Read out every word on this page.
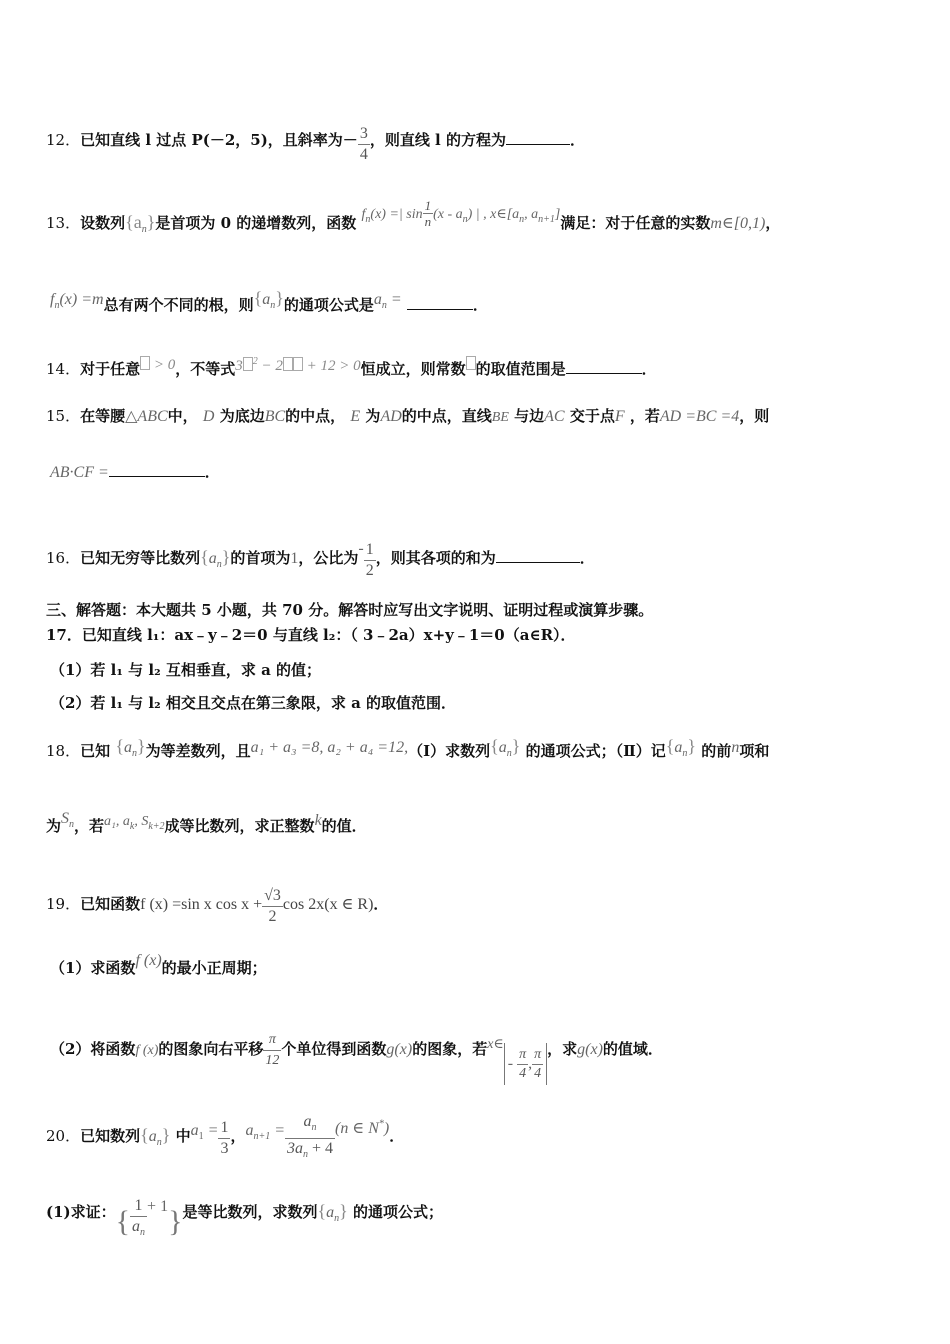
12．已知直线 l 过点 P(－2，5)，且斜率为－ $\frac{3}{4}$ ，则直线 l 的方程为	．
13．设数列$\{a_n\}$是首项为 0 的递增数列，函数 $f_n(x)$ =| $\sin \frac{1}{n} (x - a_n)$ | , $x\in[a_n$, $a_{n+1}$]满足：对于任意的实数m∈[0,1)，
$f_n(x) =m$总有两个不同的根，则$\{a_n\}$的通项公式是$a_n$ =	．
14．对于任意 > 0，不等式3 $^2$ − 2 + 12 > 0恒成立，则常数 的取值范围是	．
15．在等腰△ABC中， D 为底边BC的中点， E 为AD的中点，直线BE 与边AC 交于点F ，若AD =BC =4，则
AB·CF =	．
16．已知无穷等比数列$\{a_n\}$的首项为1，公比为- $\frac{1}{2}$ ，则其各项的和为	．
三、解答题：本大题共 5 小题，共 70 分。解答时应写出文字说明、证明过程或演算步骤。
17．已知直线 l₁：ax﹣y﹣2＝0 与直线 l₂：（ 3﹣2a）x+y﹣1＝0（a∈R）．
（1）若 l₁ 与 l₂ 互相垂直，求 a 的值；
（2）若 l₁ 与 l₂ 相交且交点在第三象限，求 a 的取值范围．
18．已知 $\{a_n\}$为等差数列，且a₁ + a₃ =8, a₂ + a₄ =12,（Ⅰ）求数列$\{a_n\}$ 的通项公式；（Ⅱ）记$\{a_n\}$ 的前n项和
为$S_n$，若a₁, $a_k$, $S_{k+2}$成等比数列，求正整数k的值．
19．已知函数f (x) =sin x $\cos x + \frac{√3}{2}$ cos 2x(x ∈ R)．
（1）求函数f (x)的最小正周期；
（2）将函数f (x)的图象向右平移 $\frac{\pi}{12}$ 个单位得到函数g(x)的图象，若x∈- $\frac{\pi}{4}$ , $\frac{\pi}{4}$ ，求g(x)的值域．
20．已知数列$\{a_n\}$ 中$a_1 = \frac{1}{3}$ ，$a_{n+1} = \frac{a_n}{3a_n + 4} (n$ ∈ N*)．
(1)求证：{ $\frac{1}{a_n} + 1$}是等比数列，求数列$\{a_n\}$ 的通项公式；
